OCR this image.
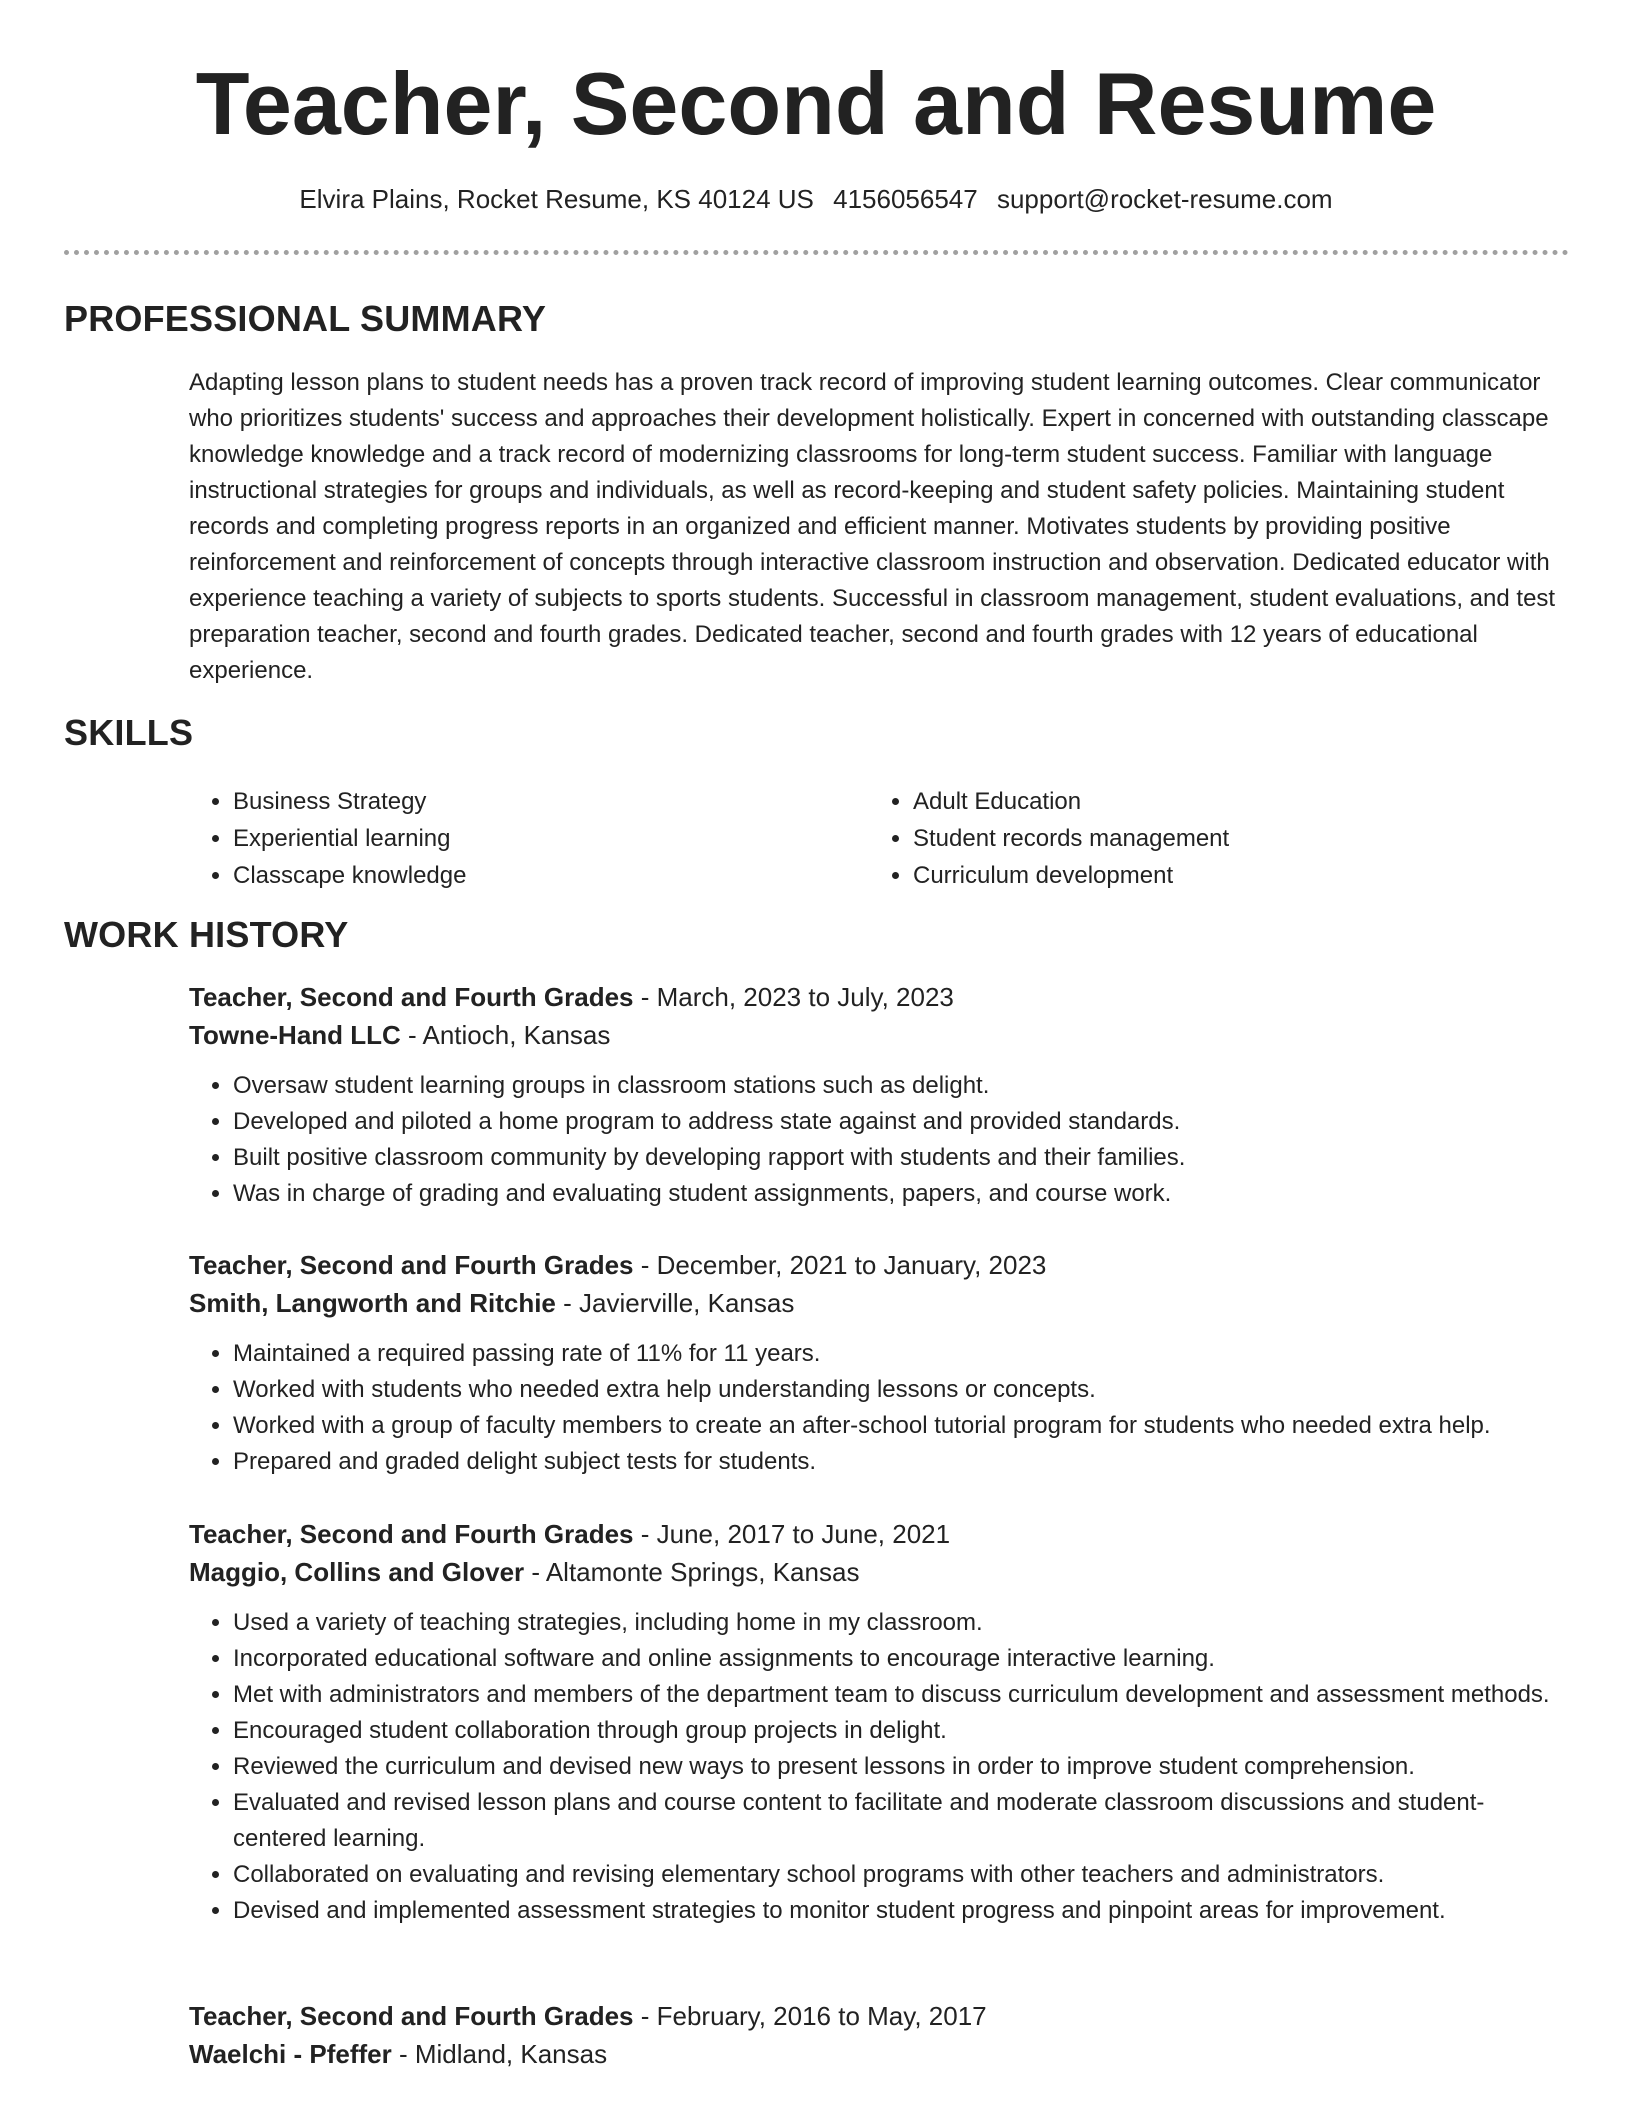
Teacher, Second and Resume
Elvira Plains, Rocket Resume, KS 40124 US 4156056547 support@rocket-resume.com
PROFESSIONAL SUMMARY
Adapting lesson plans to student needs has a proven track record of improving student learning outcomes. Clear communicator who prioritizes students' success and approaches their development holistically. Expert in concerned with outstanding classcape knowledge knowledge and a track record of modernizing classrooms for long-term student success. Familiar with language instructional strategies for groups and individuals, as well as record-keeping and student safety policies. Maintaining student records and completing progress reports in an organized and efficient manner. Motivates students by providing positive reinforcement and reinforcement of concepts through interactive classroom instruction and observation. Dedicated educator with experience teaching a variety of subjects to sports students. Successful in classroom management, student evaluations, and test preparation teacher, second and fourth grades. Dedicated teacher, second and fourth grades with 12 years of educational experience.
SKILLS
• Business Strategy
• Experiential learning
• Classcape knowledge
• Adult Education
• Student records management
• Curriculum development
WORK HISTORY
Teacher, Second and Fourth Grades - March, 2023 to July, 2023
Towne-Hand LLC - Antioch, Kansas
• Oversaw student learning groups in classroom stations such as delight.
• Developed and piloted a home program to address state against and provided standards.
• Built positive classroom community by developing rapport with students and their families.
• Was in charge of grading and evaluating student assignments, papers, and course work.
Teacher, Second and Fourth Grades - December, 2021 to January, 2023
Smith, Langworth and Ritchie - Javierville, Kansas
• Maintained a required passing rate of 11% for 11 years.
• Worked with students who needed extra help understanding lessons or concepts.
• Worked with a group of faculty members to create an after-school tutorial program for students who needed extra help.
• Prepared and graded delight subject tests for students.
Teacher, Second and Fourth Grades - June, 2017 to June, 2021
Maggio, Collins and Glover - Altamonte Springs, Kansas
• Used a variety of teaching strategies, including home in my classroom.
• Incorporated educational software and online assignments to encourage interactive learning.
• Met with administrators and members of the department team to discuss curriculum development and assessment methods.
• Encouraged student collaboration through group projects in delight.
• Reviewed the curriculum and devised new ways to present lessons in order to improve student comprehension.
• Evaluated and revised lesson plans and course content to facilitate and moderate classroom discussions and student-centered learning.
• Collaborated on evaluating and revising elementary school programs with other teachers and administrators.
• Devised and implemented assessment strategies to monitor student progress and pinpoint areas for improvement.
Teacher, Second and Fourth Grades - February, 2016 to May, 2017
Waelchi - Pfeffer - Midland, Kansas
